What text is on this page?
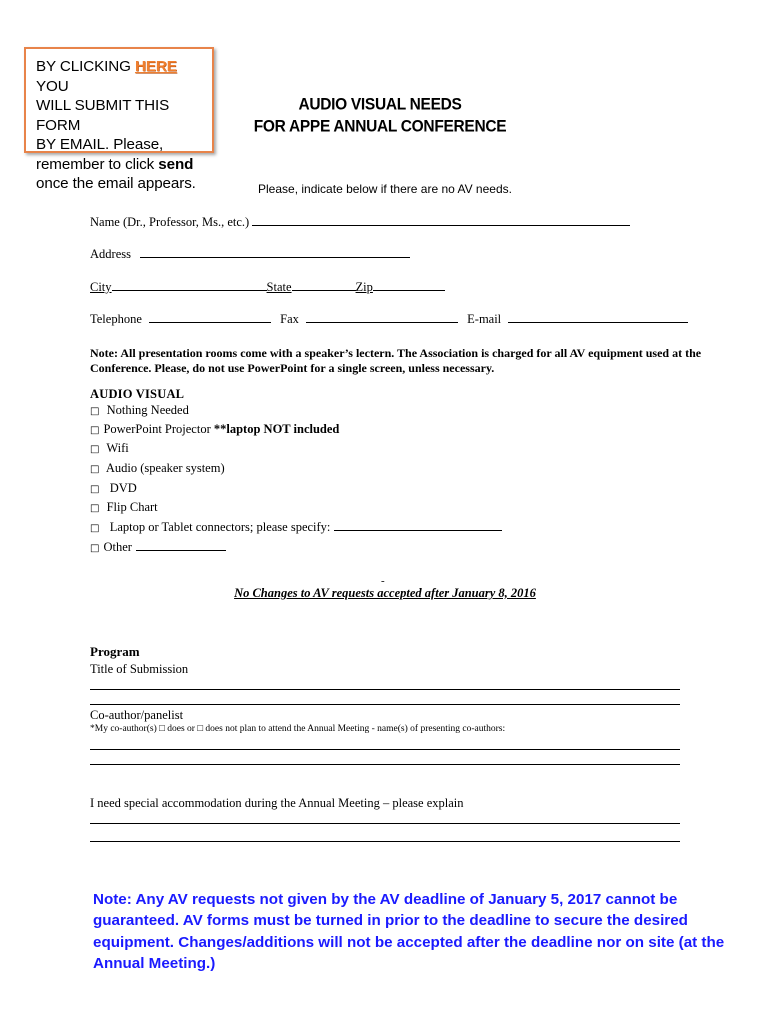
BY CLICKING HERE YOU
WILL SUBMIT THIS FORM
BY EMAIL. Please,
remember to click send
once the email appears.
AUDIO VISUAL NEEDS
FOR APPE ANNUAL CONFERENCE
Please, indicate below if there are no AV needs.
Name (Dr., Professor, Ms., etc.)
Address
City	State	Zip
Telephone	Fax	E-mail
Note: All presentation rooms come with a speaker’s lectern. The Association is charged for all AV equipment used at the Conference. Please, do not use PowerPoint for a single screen, unless necessary.
AUDIO VISUAL
□ Nothing Needed
□ PowerPoint Projector **laptop NOT included
□ Wifi
□ Audio (speaker system)
□ DVD
□ Flip Chart
□ Laptop or Tablet connectors; please specify:
□ Other
-
No Changes to AV requests accepted after January 8, 2016
Program
Title of Submission
Co-author/panelist
*My co-author(s) □ does or □ does not plan to attend the Annual Meeting - name(s) of presenting co-authors:
I need special accommodation during the Annual Meeting – please explain
Note: Any AV requests not given by the AV deadline of January 5, 2017 cannot be guaranteed. AV forms must be turned in prior to the deadline to secure the desired equipment. Changes/additions will not be accepted after the deadline nor on site (at the Annual Meeting.)
